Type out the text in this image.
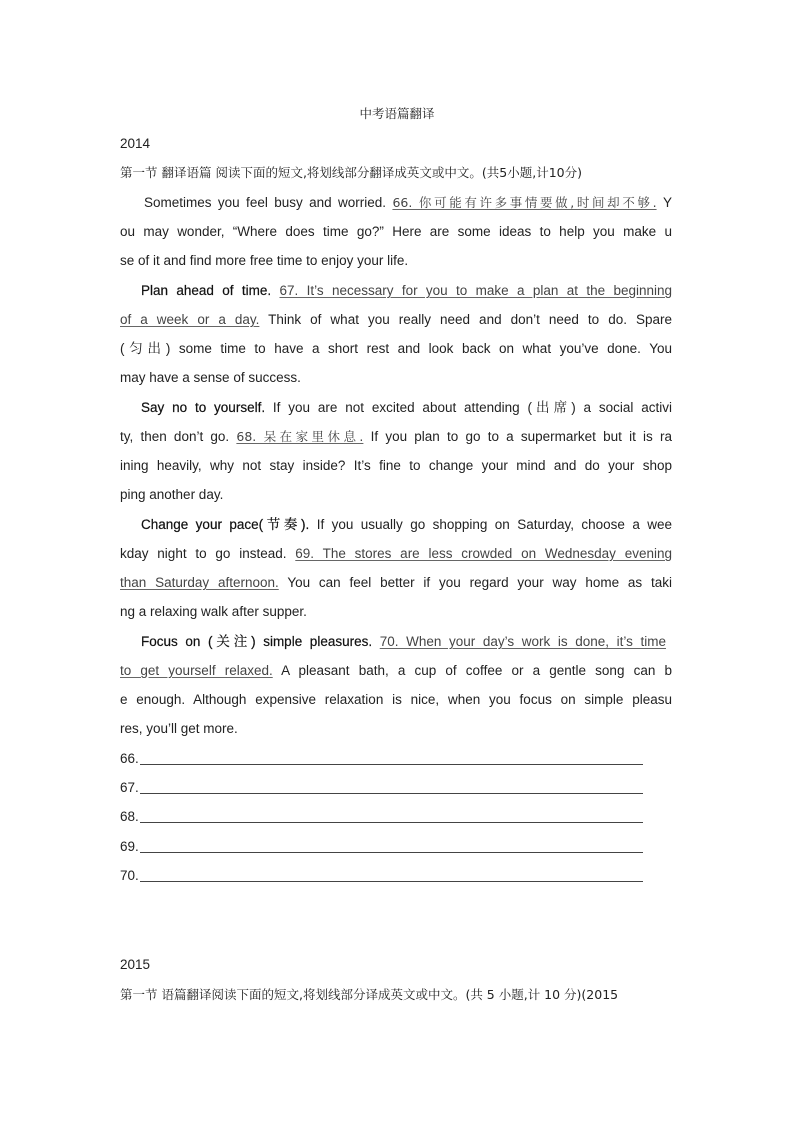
中考语篇翻译
2014
第一节 翻译语篇 阅读下面的短文,将划线部分翻译成英文或中文。(共5小题,计10分)
Sometimes you feel busy and worried. 66. 你可能有许多事情要做,时间却不够. Y
ou may wonder, “Where does time go?” Here are some ideas to help you make u
se of it and find more free time to enjoy your life.
Plan ahead of time. 67. It’s necessary for you to make a plan at the beginning
of a week or a day. Think of what you really need and don’t need to do. Spare
(匀出) some time to have a short rest and look back on what you’ve done. You
may have a sense of success.
Say no to yourself. If you are not excited about attending (出席) a social activi
ty, then don’t go. 68. 呆在家里休息. If you plan to go to a supermarket but it is ra
ining heavily, why not stay inside? It’s fine to change your mind and do your shop
ping another day.
Change your pace(节奏). If you usually go shopping on Saturday, choose a wee
kday night to go instead. 69. The stores are less crowded on Wednesday evening
than Saturday afternoon. You can feel better if you regard your way home as taki
ng a relaxing walk after supper.
Focus on (关注) simple pleasures. 70. When your day’s work is done, it’s time
to get yourself relaxed. A pleasant bath, a cup of coffee or a gentle song can b
e enough. Although expensive relaxation is nice, when you focus on simple pleasu
res, you’ll get more.
66.
67.
68.
69.
70.
2015
第一节 语篇翻译阅读下面的短文,将划线部分译成英文或中文。(共 5 小题,计 10 分)(2015
